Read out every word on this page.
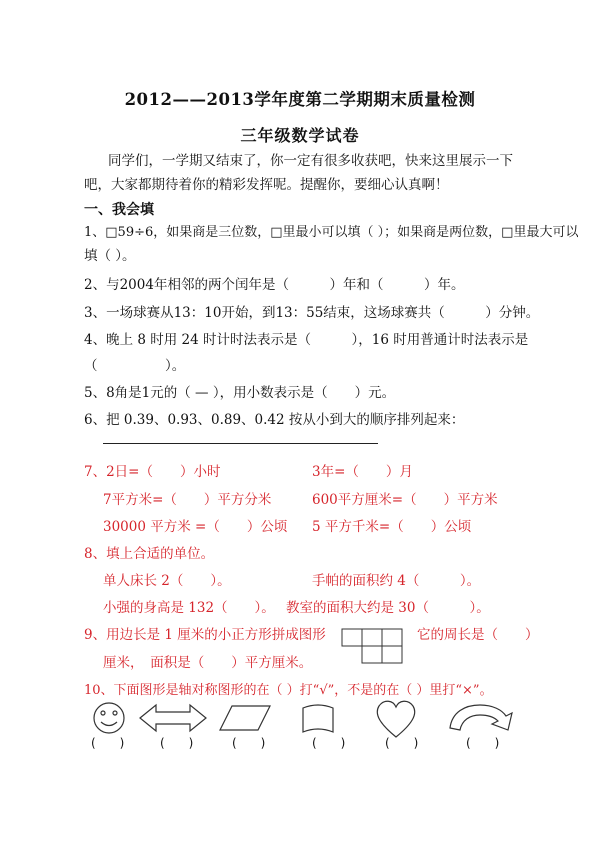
2012——2013学年度第二学期期末质量检测
三年级数学试卷
同学们，一学期又结束了，你一定有很多收获吧，快来这里展示一下
吧，大家都期待着你的精彩发挥呢。提醒你，要细心认真啊！
一、我会填
1、□59÷6，如果商是三位数，□里最小可以填（ ）；如果商是两位数，□里最大可以
填（ ）。
2、与2004年相邻的两个闰年是（　　　）年和（　　　）年。
3、一场球赛从13：10开始，到13：55结束，这场球赛共（　　　）分钟。
4、晚上 8 时用 24 时计时法表示是（　　　），16 时用普通计时法表示是
（　　　　　）。
5、8角是1元的（ — ），用小数表示是（　　）元。
6、把 0.39、0.93、0.89、0.42 按从小到大的顺序排列起来：
7、2日=（　　）小时	3年=（　　）月
7平方米=（　　）平方分米	600平方厘米=（　　）平方米
30000 平方米 =（　　）公顷 5 平方千米=（　　）公顷
8、填上合适的单位。
单人床长 2（　　）。	手帕的面积约 4（　　　）。
小强的身高是 132（　　）。 教室的面积大约是 30（　　　）。
9、用边长是 1 厘米的小正方形拼成图形	它的周长是（　　）
厘米，　面积是（　　）平方厘米。
10、下面图形是轴对称图形的在（ ）打“√”，不是的在（ ）里打“×”。
(　　)	(　　)	(　　)	(　　)	(　　)	(　　)
